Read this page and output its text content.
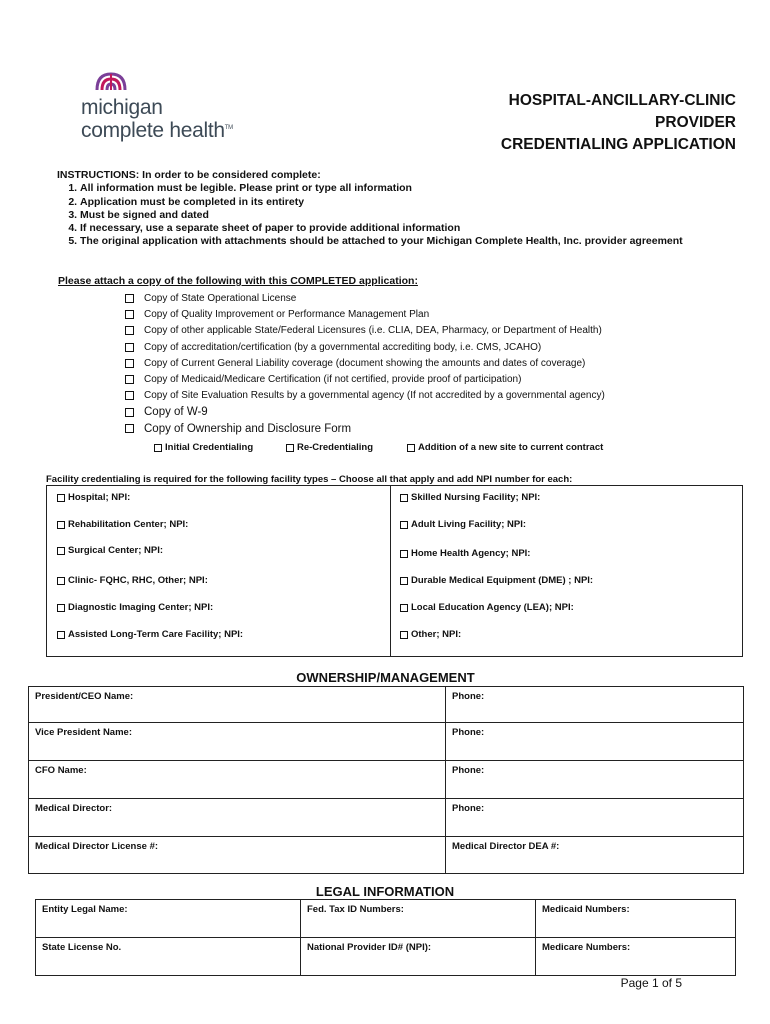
michigan
complete health™
HOSPITAL-ANCILLARY-CLINIC
PROVIDER
CREDENTIALING APPLICATION
INSTRUCTIONS: In order to be considered complete:
1. All information must be legible. Please print or type all information
2. Application must be completed in its entirety
3. Must be signed and dated
4. If necessary, use a separate sheet of paper to provide additional information
5. The original application with attachments should be attached to your Michigan Complete Health, Inc. provider agreement
Please attach a copy of the following with this COMPLETED application:
Copy of State Operational License
Copy of Quality Improvement or Performance Management Plan
Copy of other applicable State/Federal Licensures (i.e. CLIA, DEA, Pharmacy, or Department of Health)
Copy of accreditation/certification (by a governmental accrediting body, i.e. CMS, JCAHO)
Copy of Current General Liability coverage (document showing the amounts and dates of coverage)
Copy of Medicaid/Medicare Certification (if not certified, provide proof of participation)
Copy of Site Evaluation Results by a governmental agency (If not accredited by a governmental agency)
Copy of W-9
Copy of Ownership and Disclosure Form
Initial Credentialing	Re-Credentialing	Addition of a new site to current contract
Facility credentialing is required for the following facility types – Choose all that apply and add NPI number for each:
Hospital; NPI:
Rehabilitation Center; NPI:
Surgical Center; NPI:
Clinic- FQHC, RHC, Other; NPI:
Diagnostic Imaging Center; NPI:
Assisted Long-Term Care Facility; NPI:
Skilled Nursing Facility; NPI:
Adult Living Facility; NPI:
Home Health Agency; NPI:
Durable Medical Equipment (DME) ; NPI:
Local Education Agency (LEA); NPI:
Other; NPI:
OWNERSHIP/MANAGEMENT
President/CEO Name:	Phone:
Vice President Name:	Phone:
CFO Name:	Phone:
Medical Director:	Phone:
Medical Director License #:	Medical Director DEA #:
LEGAL INFORMATION
Entity Legal Name:	Fed. Tax ID Numbers:	Medicaid Numbers:
State License No.	National Provider ID# (NPI):	Medicare Numbers:
Page 1 of 5
